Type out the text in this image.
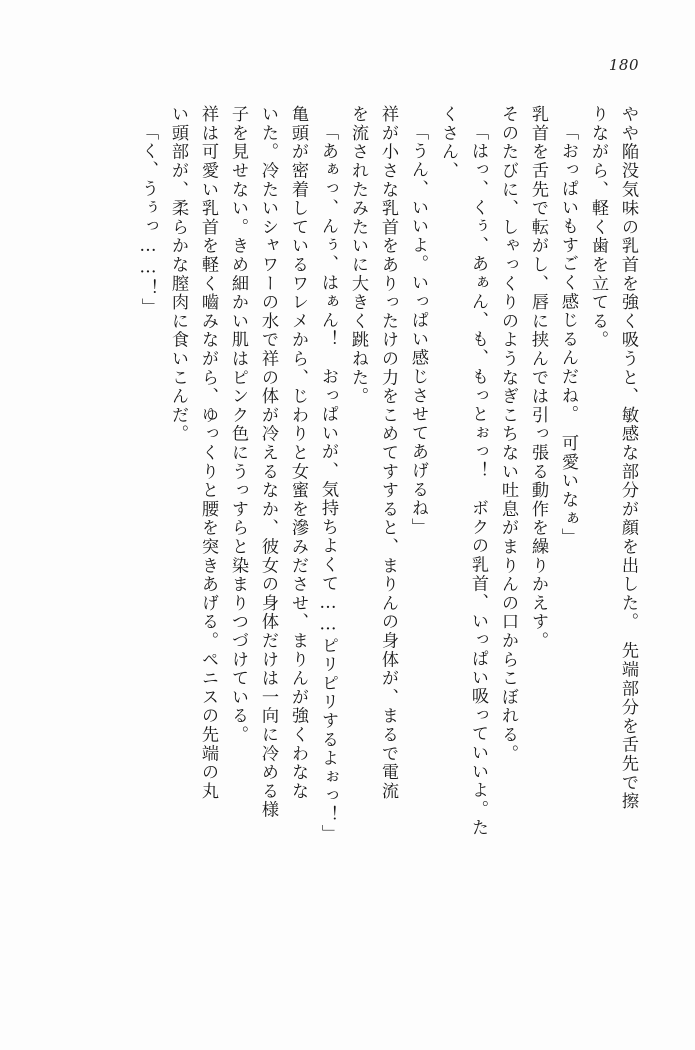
180
やや陥没気味の乳首を強く吸うと、敏感な部分が顔を出した。　先端部分を舌先で擦
りながら、軽く歯を立てる。
「おっぱいもすごく感じるんだね。　可愛いなぁ」
乳首を舌先で転がし、唇に挟んでは引っ張る動作を繰りかえす。
そのたびに、しゃっくりのようなぎこちない吐息がまりんの口からこぼれる。
「はっ、くぅ、あぁん、も、もっとぉっ！　ボクの乳首、いっぱい吸っていいよ。た
くさん、
「うん、いいよ。いっぱい感じさせてあげるね」
祥が小さな乳首をありったけの力をこめてすすると、まりんの身体が、まるで電流
を流されたみたいに大きく跳ねた。
「あぁっ、んぅ、はぁん！　おっぱいが、気持ちよくて……ピリピリするよぉっ！」
亀頭が密着しているワレメから、じわりと女蜜を滲みださせ、まりんが強くわなな
いた。冷たいシャワーの水で祥の体が冷えるなか、彼女の身体だけは一向に冷める様
子を見せない。きめ細かい肌はピンク色にうっすらと染まりつづけている。
祥は可愛い乳首を軽く嚙みながら、ゆっくりと腰を突きあげる。ペニスの先端の丸
い頭部が、柔らかな膣肉に食いこんだ。
「く、うぅっ……！」
